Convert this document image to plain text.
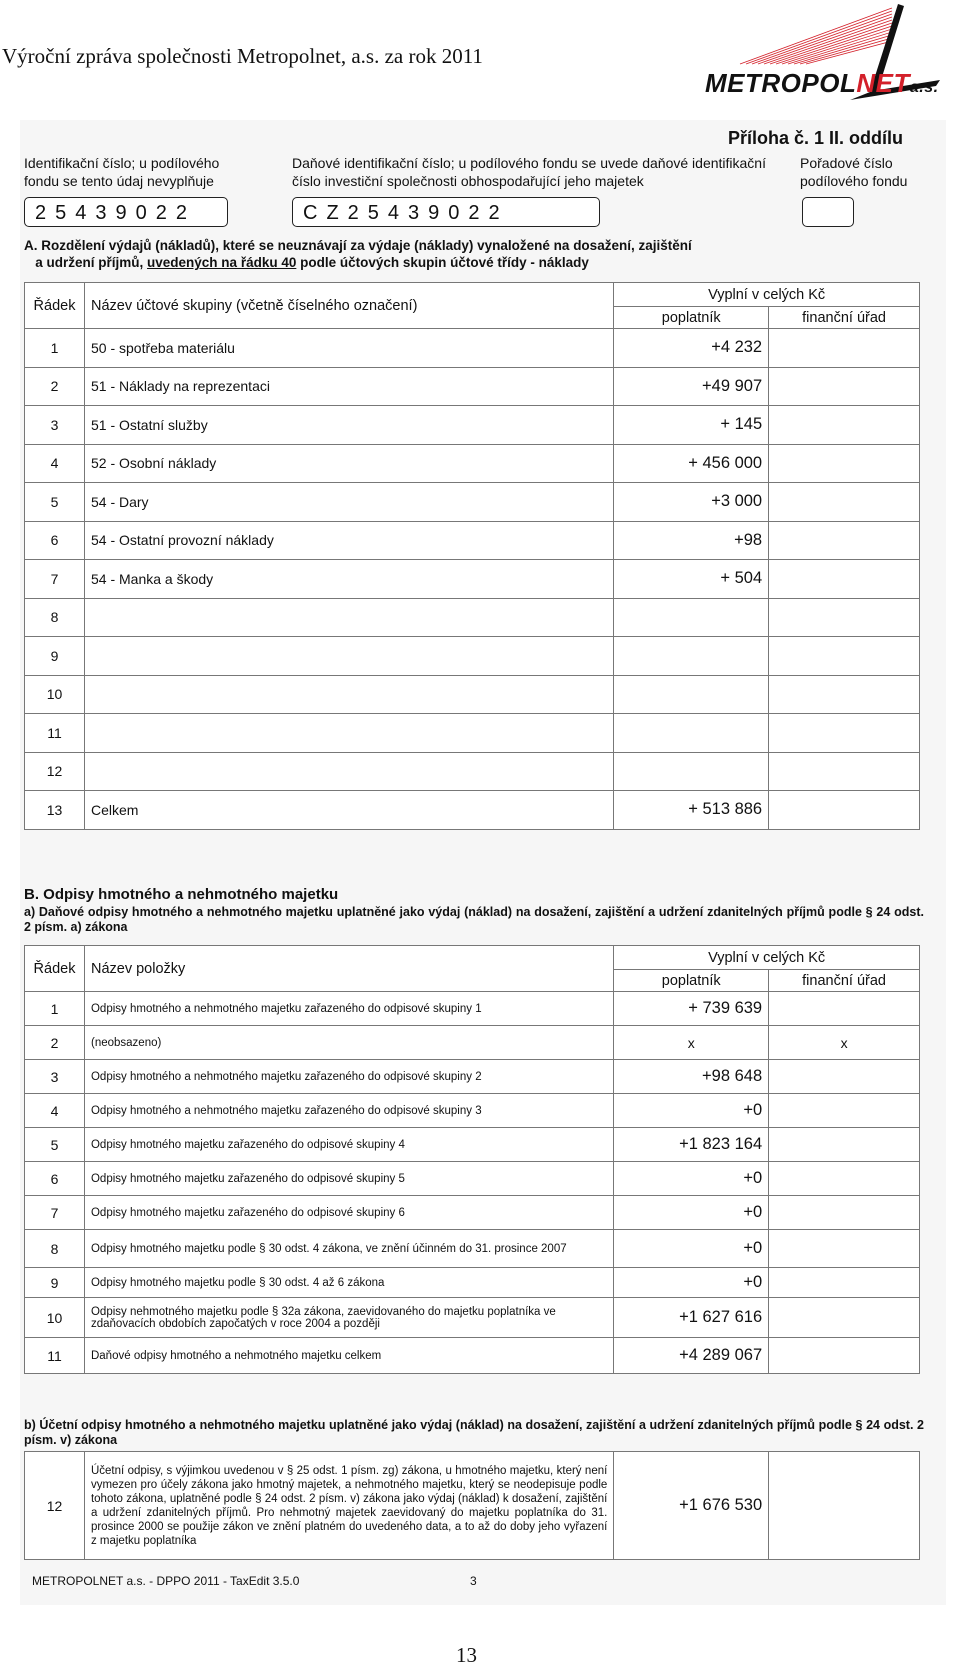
Výroční zpráva společnosti Metropolnet, a.s. za rok 2011
METROPOLNETa.s.
Příloha č. 1 II. oddílu
Identifikační číslo; u podílového fondu se tento údaj nevyplňuje
25439022
Daňové identifikační číslo; u podílového fondu se uvede daňové identifikační číslo investiční společnosti obhospodařující jeho majetek
CZ25439022
Pořadové číslo podílového fondu
A. Rozdělení výdajů (nákladů), které se neuznávají za výdaje (náklady) vynaložené na dosažení, zajištění
a udržení příjmů, uvedených na řádku 40 podle účtových skupin účtové třídy - náklady
Řádek	Název účtové skupiny (včetně číselného označení)	Vyplní v celých Kč	
		poplatník	finanční úřad
1	50 - spotřeba materiálu	+4 232	
2	51 - Náklady na reprezentaci	+49 907	
3	51 - Ostatní služby	+ 145	
4	52 - Osobní náklady	+ 456 000	
5	54 - Dary	+3 000	
6	54 - Ostatní provozní náklady	+98	
7	54 - Manka a škody	+ 504	
8			
9			
10			
11			
12			
13	Celkem	+ 513 886	
B. Odpisy hmotného a nehmotného majetku
a) Daňové odpisy hmotného a nehmotného majetku uplatněné jako výdaj (náklad) na dosažení, zajištění a udržení zdanitelných příjmů podle § 24 odst. 2 písm. a) zákona
Řádek	Název položky	Vyplní v celých Kč	
		poplatník	finanční úřad
1	Odpisy hmotného a nehmotného majetku zařazeného do odpisové skupiny 1	+ 739 639	
2	(neobsazeno)	x	x
3	Odpisy hmotného a nehmotného majetku zařazeného do odpisové skupiny 2	+98 648	
4	Odpisy hmotného a nehmotného majetku zařazeného do odpisové skupiny 3	+0	
5	Odpisy hmotného majetku zařazeného do odpisové skupiny 4	+1 823 164	
6	Odpisy hmotného majetku zařazeného do odpisové skupiny 5	+0	
7	Odpisy hmotného majetku zařazeného do odpisové skupiny 6	+0	
8	Odpisy hmotného majetku podle § 30 odst. 4 zákona, ve znění účinném do 31. prosince 2007	+0	
9	Odpisy hmotného majetku podle § 30 odst. 4 až 6 zákona	+0	
10	Odpisy nehmotného majetku podle § 32a zákona, zaevidovaného do majetku poplatníka ve zdaňovacích obdobích započatých v roce 2004 a později	+1 627 616	
11	Daňové odpisy hmotného a nehmotného majetku celkem	+4 289 067	
b) Účetní odpisy hmotného a nehmotného majetku uplatněné jako výdaj (náklad) na dosažení, zajištění a udržení zdanitelných příjmů podle § 24 odst. 2 písm. v) zákona
12	Účetní odpisy, s výjimkou uvedenou v § 25 odst. 1 písm. zg) zákona, u hmotného majetku, který není vymezen pro účely zákona jako hmotný majetek, a nehmotného majetku, který se neodepisuje podle tohoto zákona, uplatněné podle § 24 odst. 2 písm. v) zákona jako výdaj (náklad) k dosažení, zajištění a udržení zdanitelných příjmů. Pro nehmotný majetek zaevidovaný do majetku poplatníka do 31. prosince 2000 se použije zákon ve znění platném do uvedeného data, a to až do doby jeho vyřazení z majetku poplatníka	+1 676 530	
METROPOLNET a.s. - DPPO 2011 - TaxEdit 3.5.0	3
13
